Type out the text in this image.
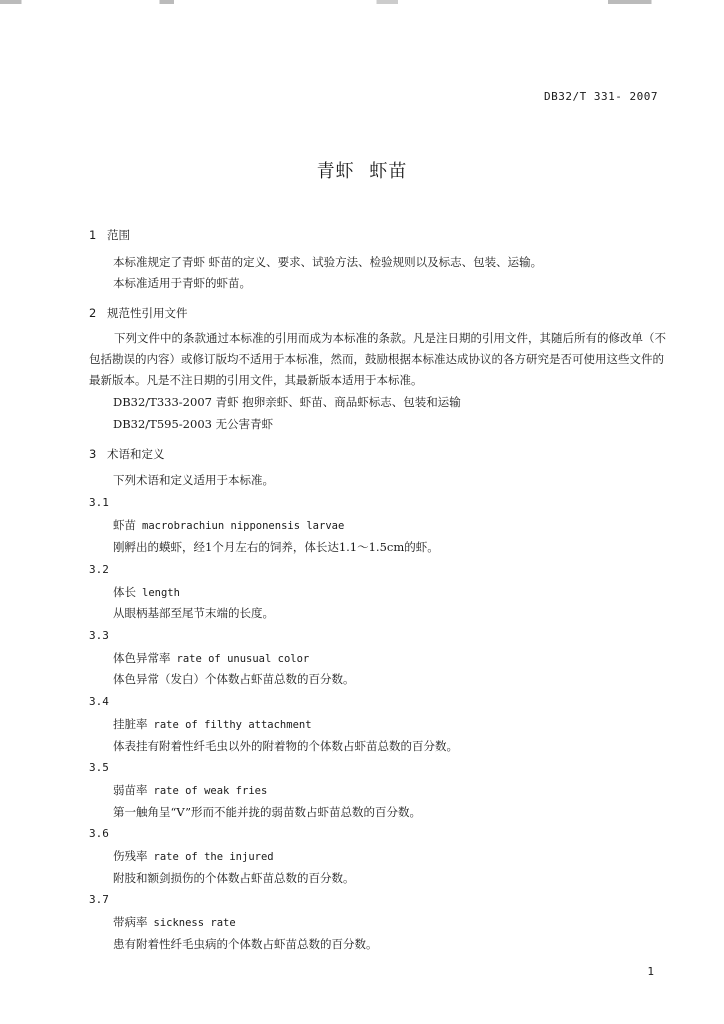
DB32/T 331- 2007
青虾 虾苗
1 范围
本标准规定了青虾 虾苗的定义、要求、试验方法、检验规则以及标志、包装、运输。
本标准适用于青虾的虾苗。
2 规范性引用文件
下列文件中的条款通过本标准的引用而成为本标准的条款。凡是注日期的引用文件，其随后所有的修改单（不包括勘误的内容）或修订版均不适用于本标准，然而，鼓励根据本标准达成协议的各方研究是否可使用这些文件的最新版本。凡是不注日期的引用文件，其最新版本适用于本标准。
DB32/T333-2007 青虾 抱卵亲虾、虾苗、商品虾标志、包装和运输
DB32/T595-2003 无公害青虾
3 术语和定义
下列术语和定义适用于本标准。
3.1
虾苗 macrobrachiun nipponensis larvae
刚孵出的蟆虾，经1个月左右的饲养，体长达1.1～1.5cm的虾。
3.2
体长 length
从眼柄基部至尾节末端的长度。
3.3
体色异常率 rate of unusual color
体色异常（发白）个体数占虾苗总数的百分数。
3.4
挂脏率 rate of filthy attachment
体表挂有附着性纤毛虫以外的附着物的个体数占虾苗总数的百分数。
3.5
弱苗率 rate of weak fries
第一触角呈“V”形而不能并拢的弱苗数占虾苗总数的百分数。
3.6
伤残率 rate of the injured
附肢和额剑损伤的个体数占虾苗总数的百分数。
3.7
带病率 sickness rate
患有附着性纤毛虫病的个体数占虾苗总数的百分数。
1
